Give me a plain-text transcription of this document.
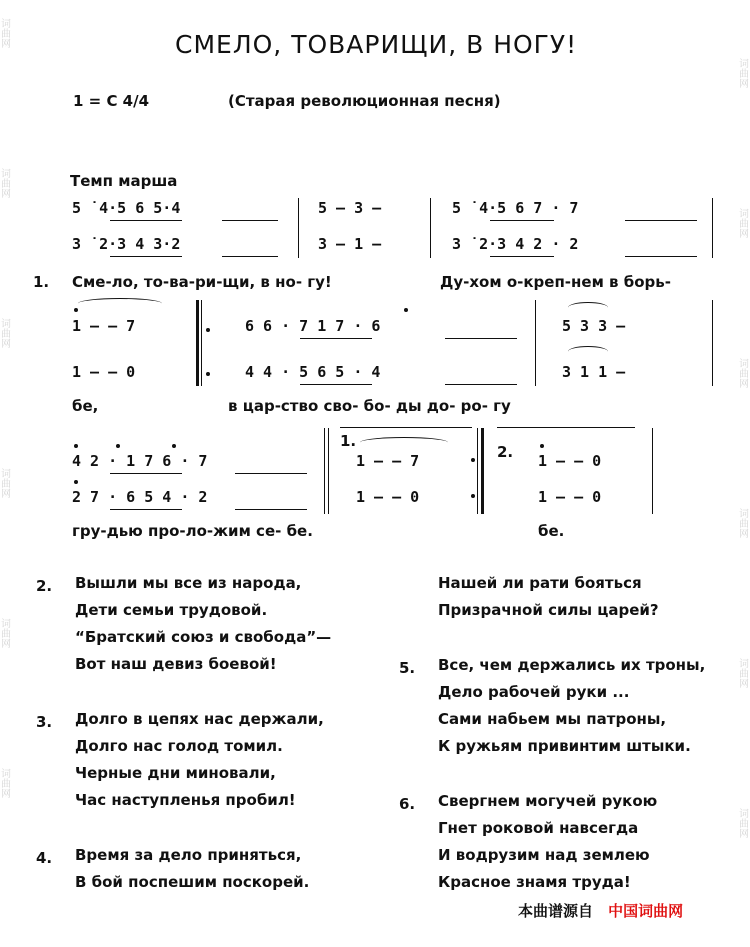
词曲网
词曲网
词曲网
词曲网
词曲网
词曲网
词曲网
词曲网
词曲网
词曲网
词曲网
词曲网
СМЕЛО, ТОВАРИЩИ, В НОГУ!
1 = C 4/4	(Старая революционная песня)
Темп марша
5 ˙4·5 6 5·4
3 ˙2·3 4 3·2
5 — 3 —
3 — 1 —
5 ˙4·5 6 7 · 7
3 ˙2·3 4 2 · 2
1. Сме-ло, то-ва-ри-щи, в но- гу!	Ду-хом о-креп-нем в борь-
1 — — 7
1 — — 0
6 6 · 7 1 7 · 6
4 4 · 5 6 5 · 4
5 3 3 —
3 1 1 —
бе,	в цар-ство сво- бо- ды до- ро- гу
4 2 · 1 7 6 · 7
2 7 · 6 5 4 · 2
1.
1 — — 7
1 — — 0
2. 1 — — 0
1 — — 0
гру-дью про-ло-жим се- бе.	бе.
2. Вышли мы все из народа,
Дети семьи трудовой.
“Братский союз и свобода”—
Вот наш девиз боевой!
3. Долго в цепях нас держали,
Долго нас голод томил.
Черные дни миновали,
Час наступленья пробил!
4. Время за дело приняться,
В бой поспешим поскорей.
Нашей ли рати бояться
Призрачной силы царей?
5. Все, чем держались их троны,
Дело рабочей руки ...
Сами набьем мы патроны,
К ружьям привинтим штыки.
6. Свергнем могучей рукою
Гнет роковой навсегда
И водрузим над землею
Красное знамя труда!
本曲谱源自 中国词曲网
